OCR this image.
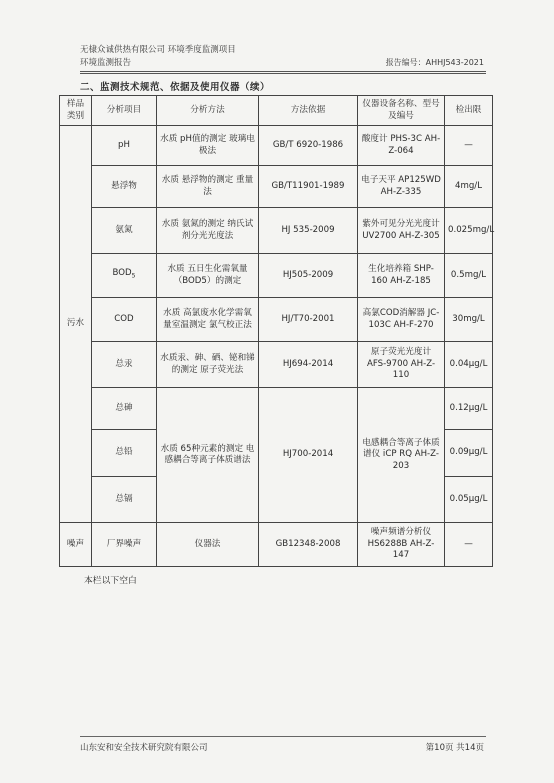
无棣众诚供热有限公司 环境季度监测项目
环境监测报告	报告编号：AHHJ543-2021
二、监测技术规范、依据及使用仪器（续）
样品类别	分析项目	分析方法	方法依据	仪器设备名称、型号及编号	检出限
污水	pH	水质 pH值的测定 玻璃电极法	GB/T 6920-1986	酸度计 PHS-3C AH-Z-064	—
	悬浮物	水质 悬浮物的测定 重量法	GB/T11901-1989	电子天平 AP125WD AH-Z-335	4mg/L
	氨氮	水质 氨氮的测定 纳氏试剂分光光度法	HJ 535-2009	紫外可见分光光度计 UV2700 AH-Z-305	0.025mg/L
	$BOD_5$	水质 五日生化需氧量（BOD5）的测定	HJ505-2009	生化培养箱 SHP-160 AH-Z-185	0.5mg/L
	COD	水质 高氯废水化学需氧量室温测定 氯气校正法	HJ/T70-2001	高氯COD消解器 JC-103C AH-F-270	30mg/L
	总汞	水质汞、砷、硒、铋和锑的测定 原子荧光法	HJ694-2014	原子荧光光度计 AFS-9700 AH-Z-110	0.04μg/L
	总砷	水质 65种元素的测定 电感耦合等离子体质谱法	HJ700-2014	电感耦合等离子体质谱仪 iCP RQ AH-Z-203	0.12μg/L
	总铅				0.09μg/L
	总镉				0.05μg/L
噪声	厂界噪声	仪器法	GB12348-2008	噪声频谱分析仪 HS6288B AH-Z-147	—
本栏以下空白
山东安和安全技术研究院有限公司	第10页 共14页
